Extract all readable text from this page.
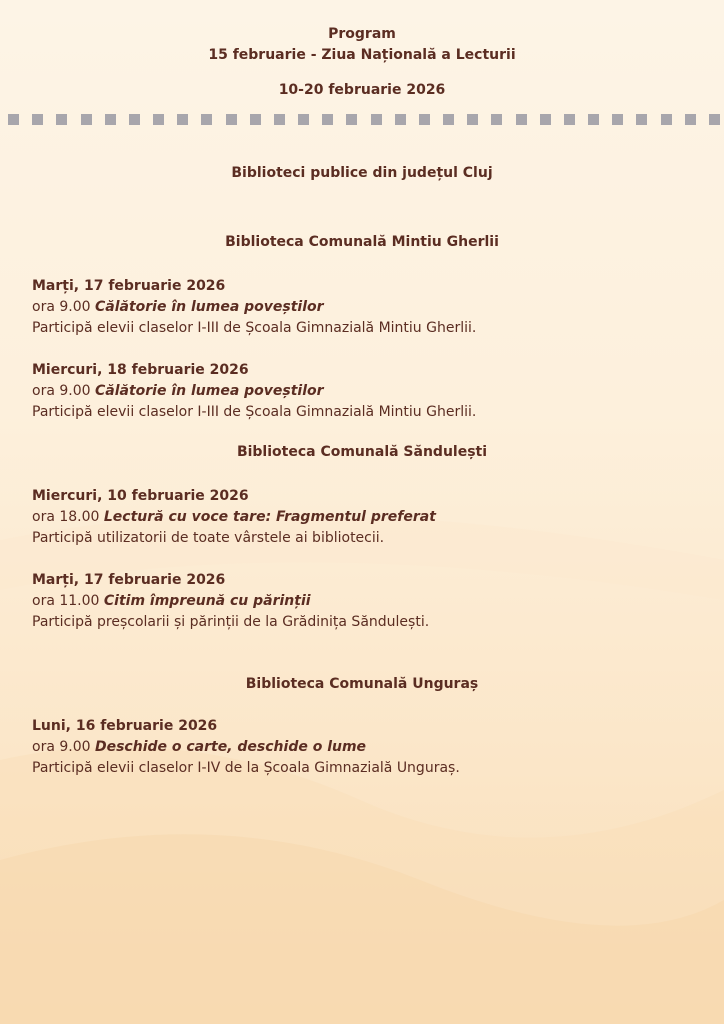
Program
15 februarie - Ziua Națională a Lecturii
10-20 februarie 2026
Biblioteci publice din județul Cluj
Biblioteca Comunală Mintiu Gherlii
Marți, 17 februarie 2026
ora 9.00 Călătorie în lumea poveștilor
Participă elevii claselor I-III de Școala Gimnazială Mintiu Gherlii.
Miercuri, 18 februarie 2026
ora 9.00 Călătorie în lumea poveștilor
Participă elevii claselor I-III de Școala Gimnazială Mintiu Gherlii.
Biblioteca Comunală Săndulești
Miercuri, 10 februarie 2026
ora 18.00 Lectură cu voce tare: Fragmentul preferat
Participă utilizatorii de toate vârstele ai bibliotecii.
Marți, 17 februarie 2026
ora 11.00 Citim împreună cu părinții
Participă preșcolarii și părinții de la Grădinița Săndulești.
Biblioteca Comunală Unguraș
Luni, 16 februarie 2026
ora 9.00 Deschide o carte, deschide o lume
Participă elevii claselor I-IV de la Școala Gimnazială Unguraș.
